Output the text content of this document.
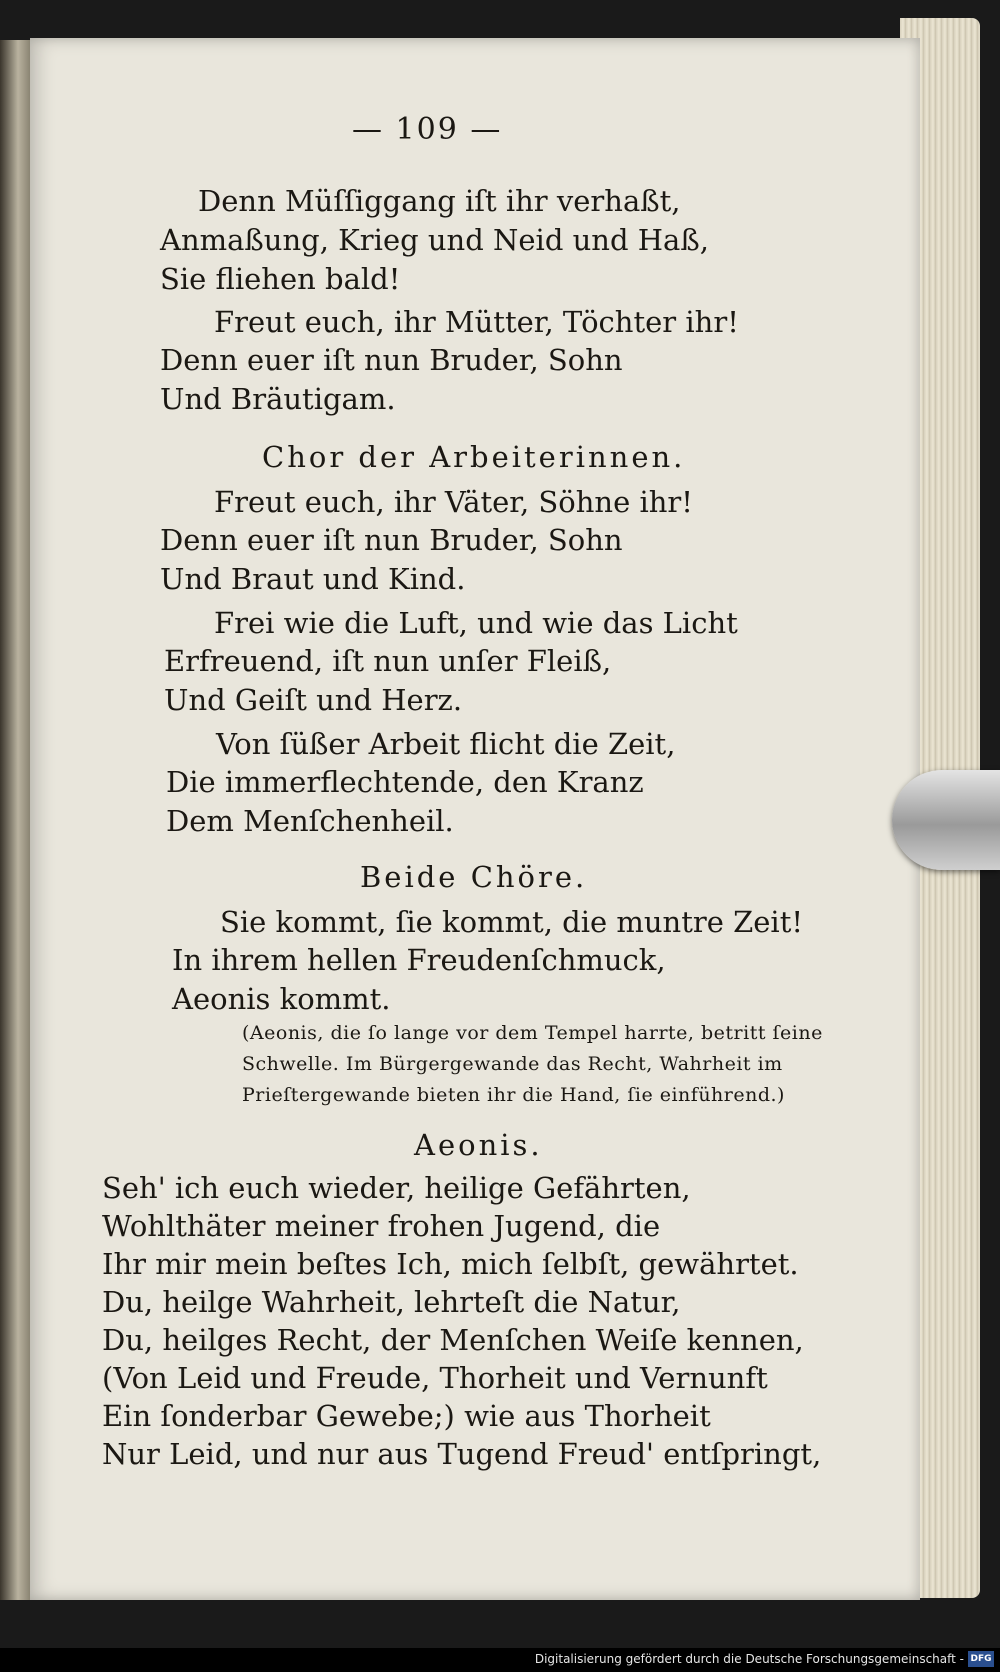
— 109 —
Denn Müſſiggang iſt ihr verhaßt,
Anmaßung, Krieg und Neid und Haß,
Sie fliehen bald!
Freut euch, ihr Mütter, Töchter ihr!
Denn euer iſt nun Bruder, Sohn
Und Bräutigam.
Chor der Arbeiterinnen.
Freut euch, ihr Väter, Söhne ihr!
Denn euer iſt nun Bruder, Sohn
Und Braut und Kind.
Frei wie die Luft, und wie das Licht
Erfreuend, iſt nun unſer Fleiß,
Und Geiſt und Herz.
Von ſüßer Arbeit flicht die Zeit,
Die immerflechtende, den Kranz
Dem Menſchenheil.
Beide Chöre.
Sie kommt, ſie kommt, die muntre Zeit!
In ihrem hellen Freudenſchmuck,
Aeonis kommt.
(Aeonis, die ſo lange vor dem Tempel harrte, betritt ſeine
Schwelle. Im Bürgergewande das Recht, Wahrheit im
Prieſtergewande bieten ihr die Hand, ſie einführend.)
Aeonis.
Seh' ich euch wieder, heilige Gefährten,
Wohlthäter meiner frohen Jugend, die
Ihr mir mein beſtes Ich, mich ſelbſt, gewährtet.
Du, heilge Wahrheit, lehrteſt die Natur,
Du, heilges Recht, der Menſchen Weiſe kennen,
(Von Leid und Freude, Thorheit und Vernunft
Ein ſonderbar Gewebe;) wie aus Thorheit
Nur Leid, und nur aus Tugend Freud' entſpringt,
Digitalisierung gefördert durch die Deutsche Forschungsgemeinschaft - DFG
